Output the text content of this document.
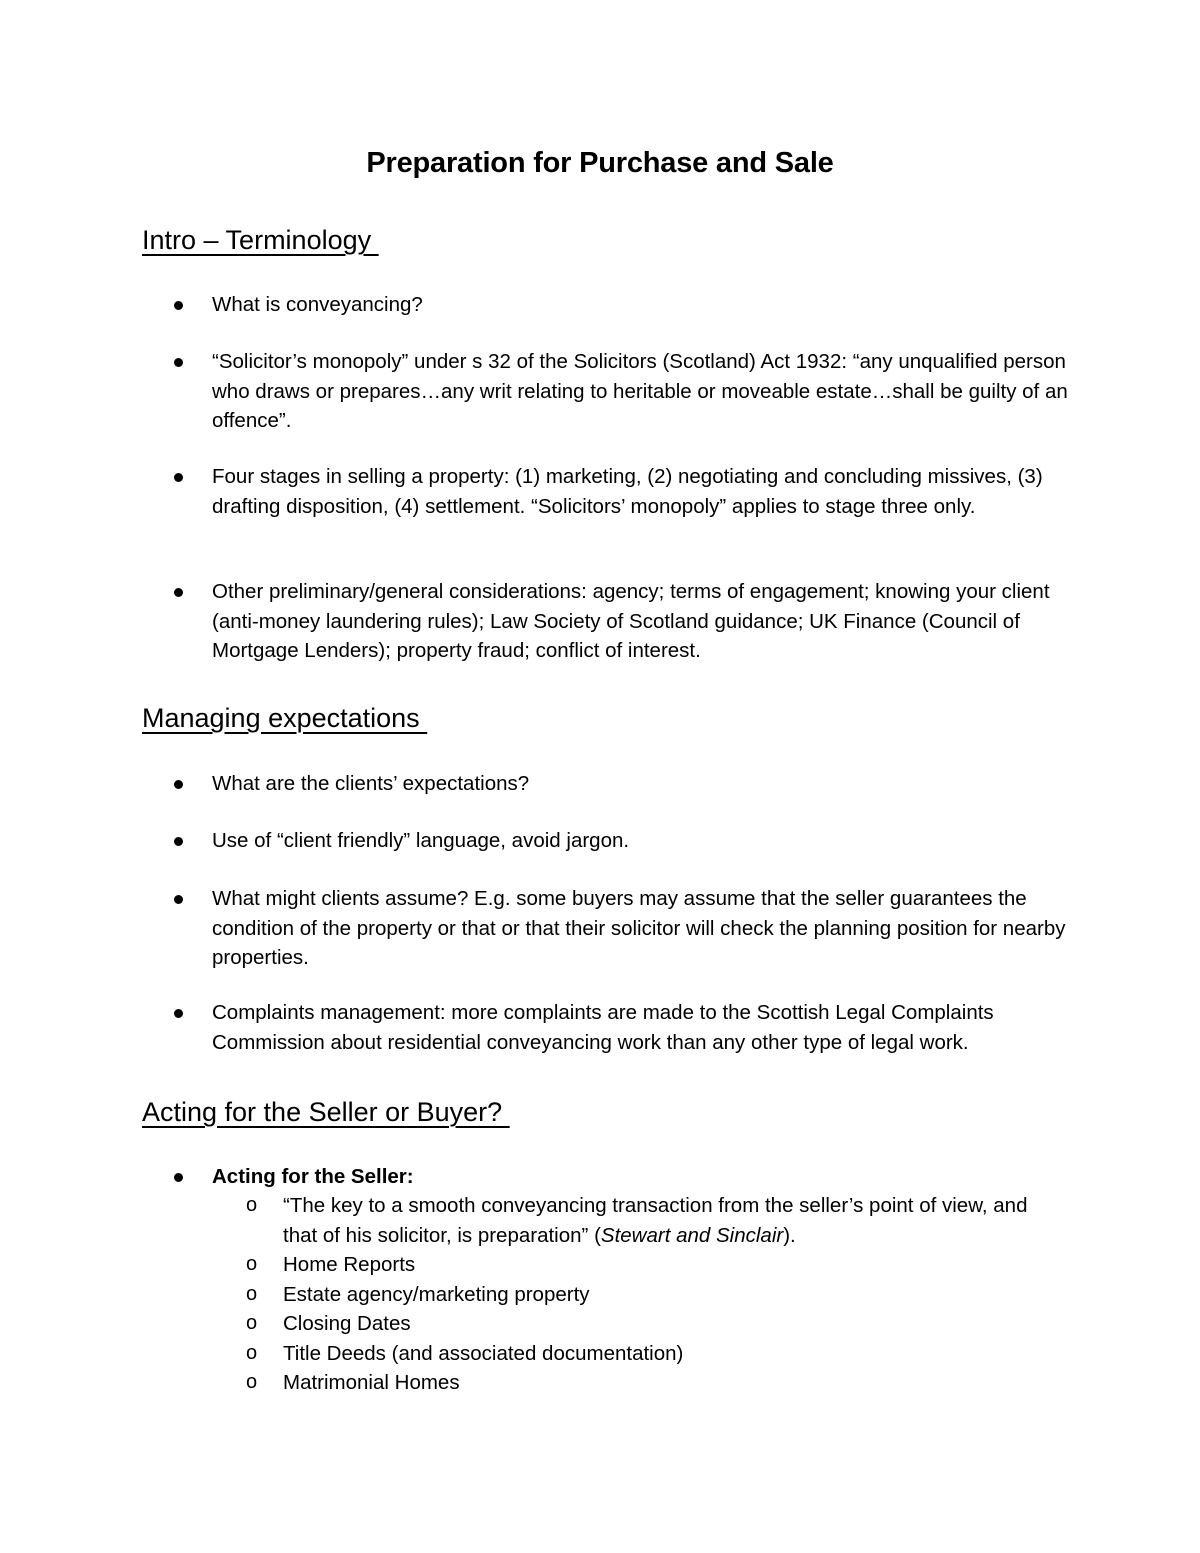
Preparation for Purchase and Sale
Intro – Terminology
What is conveyancing?
“Solicitor’s monopoly” under s 32 of the Solicitors (Scotland) Act 1932: “any unqualified person who draws or prepares…any writ relating to heritable or moveable estate…shall be guilty of an offence”.
Four stages in selling a property: (1) marketing, (2) negotiating and concluding missives, (3) drafting disposition, (4) settlement. “Solicitors’ monopoly” applies to stage three only.
Other preliminary/general considerations: agency; terms of engagement; knowing your client (anti-money laundering rules); Law Society of Scotland guidance; UK Finance (Council of Mortgage Lenders); property fraud; conflict of interest.
Managing expectations
What are the clients’ expectations?
Use of “client friendly” language, avoid jargon.
What might clients assume? E.g. some buyers may assume that the seller guarantees the condition of the property or that or that their solicitor will check the planning position for nearby properties.
Complaints management: more complaints are made to the Scottish Legal Complaints Commission about residential conveyancing work than any other type of legal work.
Acting for the Seller or Buyer?
Acting for the Seller:
o “The key to a smooth conveyancing transaction from the seller’s point of view, and that of his solicitor, is preparation” (Stewart and Sinclair).
o Home Reports
o Estate agency/marketing property
o Closing Dates
o Title Deeds (and associated documentation)
o Matrimonial Homes
